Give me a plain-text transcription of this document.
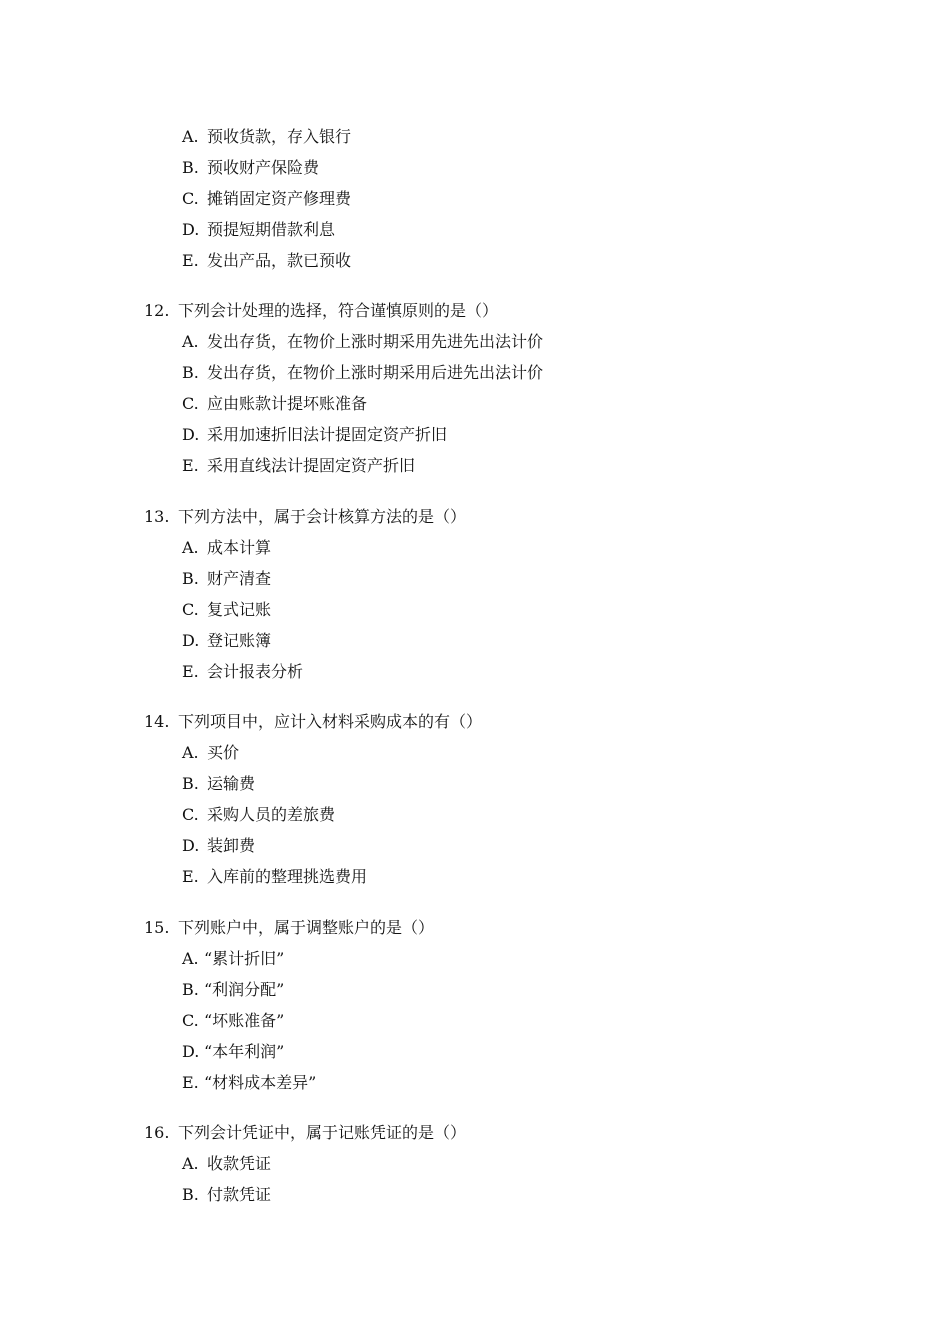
A. 预收货款，存入银行
B. 预收财产保险费
C. 摊销固定资产修理费
D. 预提短期借款利息
E. 发出产品，款已预收
12. 下列会计处理的选择，符合谨慎原则的是（）
A. 发出存货，在物价上涨时期采用先进先出法计价
B. 发出存货，在物价上涨时期采用后进先出法计价
C. 应由账款计提坏账准备
D. 采用加速折旧法计提固定资产折旧
E. 采用直线法计提固定资产折旧
13. 下列方法中，属于会计核算方法的是（）
A. 成本计算
B. 财产清查
C. 复式记账
D. 登记账簿
E. 会计报表分析
14. 下列项目中，应计入材料采购成本的有（）
A. 买价
B. 运输费
C. 采购人员的差旅费
D. 装卸费
E. 入库前的整理挑选费用
15. 下列账户中，属于调整账户的是（）
A. “累计折旧”
B. “利润分配”
C. “坏账准备”
D. “本年利润”
E. “材料成本差异”
16. 下列会计凭证中，属于记账凭证的是（）
A. 收款凭证
B. 付款凭证
